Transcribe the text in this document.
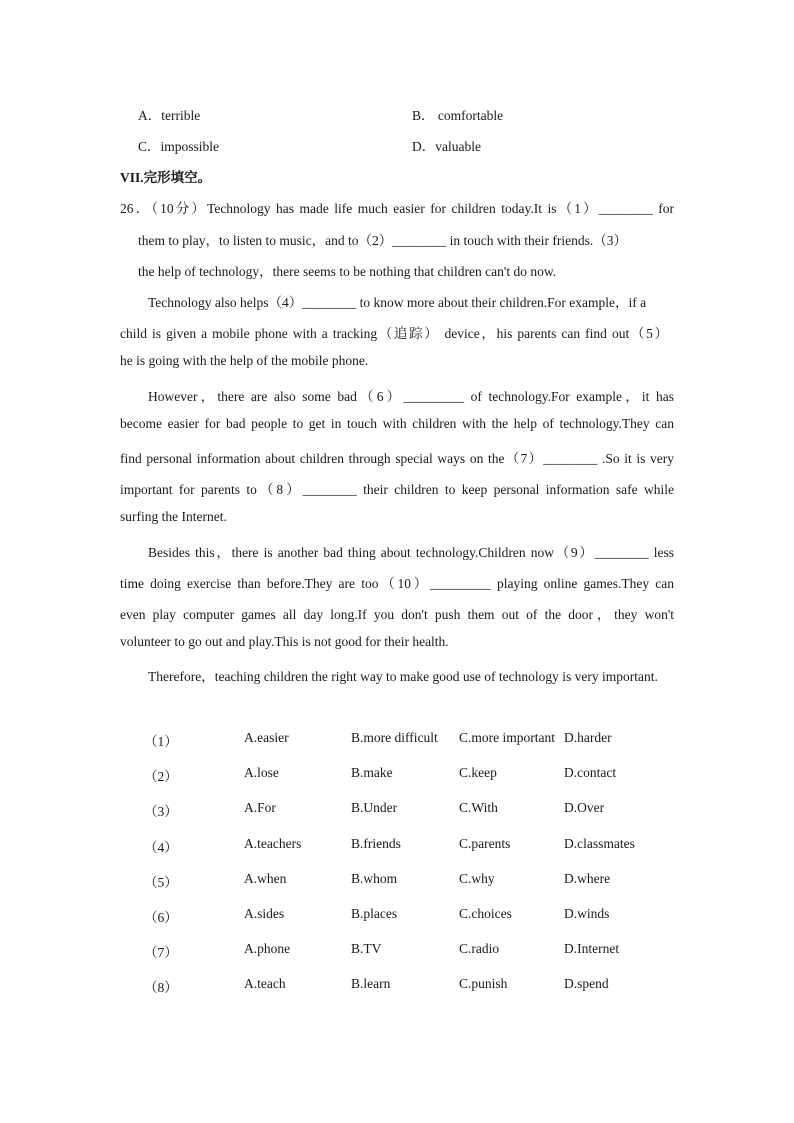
A．terrible	B． comfortable
C．impossible	D．valuable
VII.完形填空。
26．（10分）Technology has made life much easier for children today.It is（1）________ for
them to play，to listen to music，and to（2）________ in touch with their friends.（3）
the help of technology，there seems to be nothing that children can't do now.
Technology also helps（4）________ to know more about their children.For example，if a
child is given a mobile phone with a tracking（追踪） device，his parents can find out（5）
he is going with the help of the mobile phone.
However，there are also some bad（6）_________ of technology.For example，it has
become easier for bad people to get in touch with children with the help of technology.They can
find personal information about children through special ways on the（7）________ .So it is very
important for parents to（8）________ their children to keep personal information safe while
surfing the Internet.
Besides this，there is another bad thing about technology.Children now（9）________ less
time doing exercise than before.They are too（10）_________ playing online games.They can
even play computer games all day long.If you don't push them out of the door，they won't
volunteer to go out and play.This is not good for their health.
Therefore，teaching children the right way to make good use of technology is very important.
（1）	A.easier	B.more difficult C.more important D.harder
（2）	A.lose	B.make	C.keep	D.contact
（3）	A.For	B.Under	C.With	D.Over
（4）	A.teachers	B.friends	C.parents	D.classmates
（5）	A.when	B.whom	C.why	D.where
（6）	A.sides	B.places	C.choices	D.winds
（7）	A.phone	B.TV	C.radio	D.Internet
（8）	A.teach	B.learn	C.punish	D.spend
